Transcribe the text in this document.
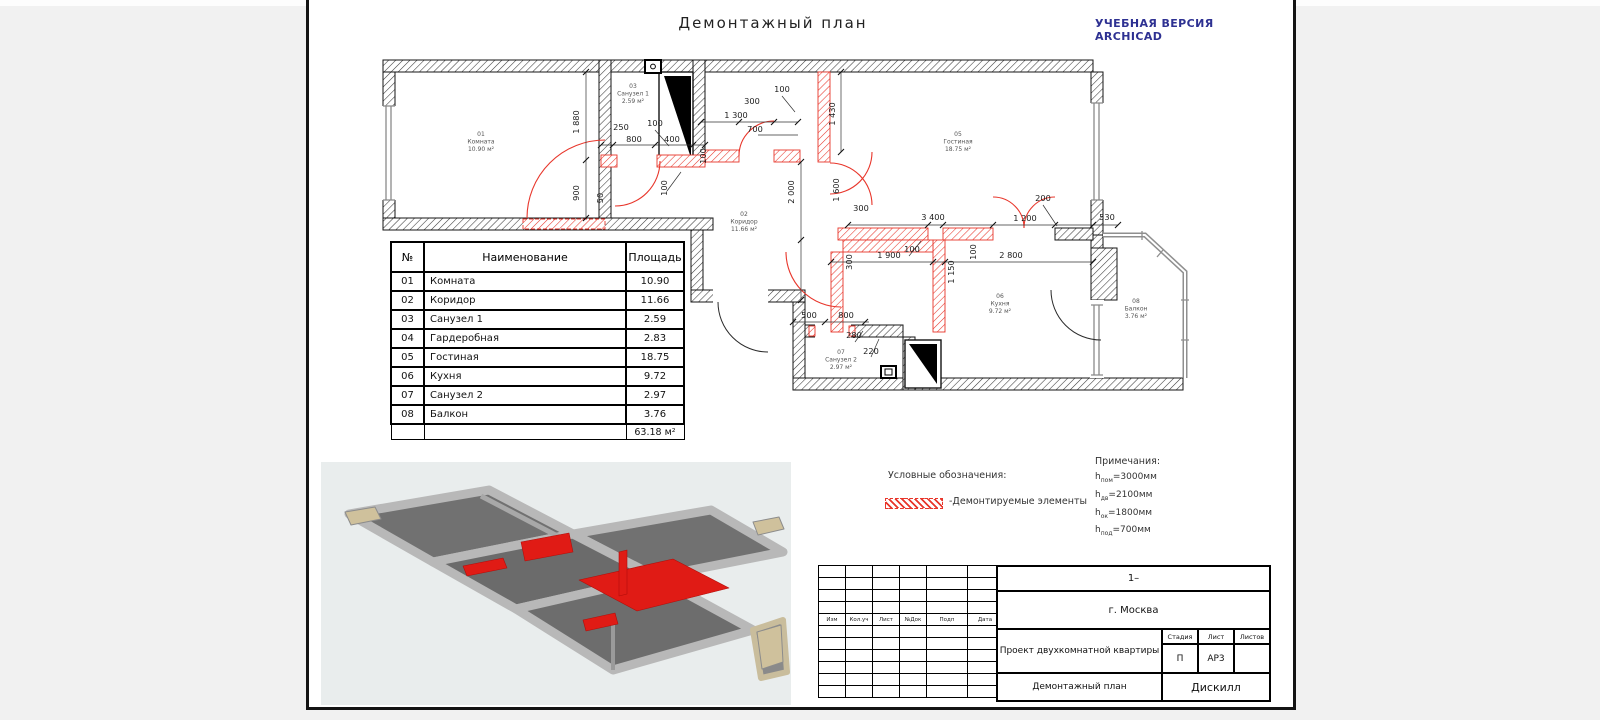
Демонтажный план	УЧЕБНАЯ ВЕРСИЯ ARCHICAD
1 880
900 50
250 100
800	400
1 300
700
300
100
1 430
100
100	2 000	1 600
300
3 400
200
1 200	530
300	1 900
100
1 150
100	2 800
500	800
280
220
01 Комната 10.90 м²
03 Санузел 1 2.59 м²
02 Коридор 11.66 м²
05 Гостиная 18.75 м²
06 Кухня 9.72 м²
07 Санузел 2 2.97 м²
08 Балкон 3.76 м²
№	Наименование	Площадь
01	Комната	10.90
02	Коридор	11.66
03	Санузел 1	2.59
04	Гардеробная	2.83
05	Гостиная	18.75
06	Кухня	9.72
07	Санузел 2	2.97
08	Балкон	3.76
		63.18 м²
Условные обозначения:
-Демонтируемые элементы
Примечания:
$h_{пом}=3000мм$
$h_{дв}=2100мм$
$h_{ок}=1800мм$
$h_{под}=700мм$

Изм	Кол.уч	Лист	№Док	Подп	Дата

1–
г. Москва
Проект двухкомнатной квартиры
Стадия	Лист	Листов
П	АР3
Демонтажный план	Дискилл
